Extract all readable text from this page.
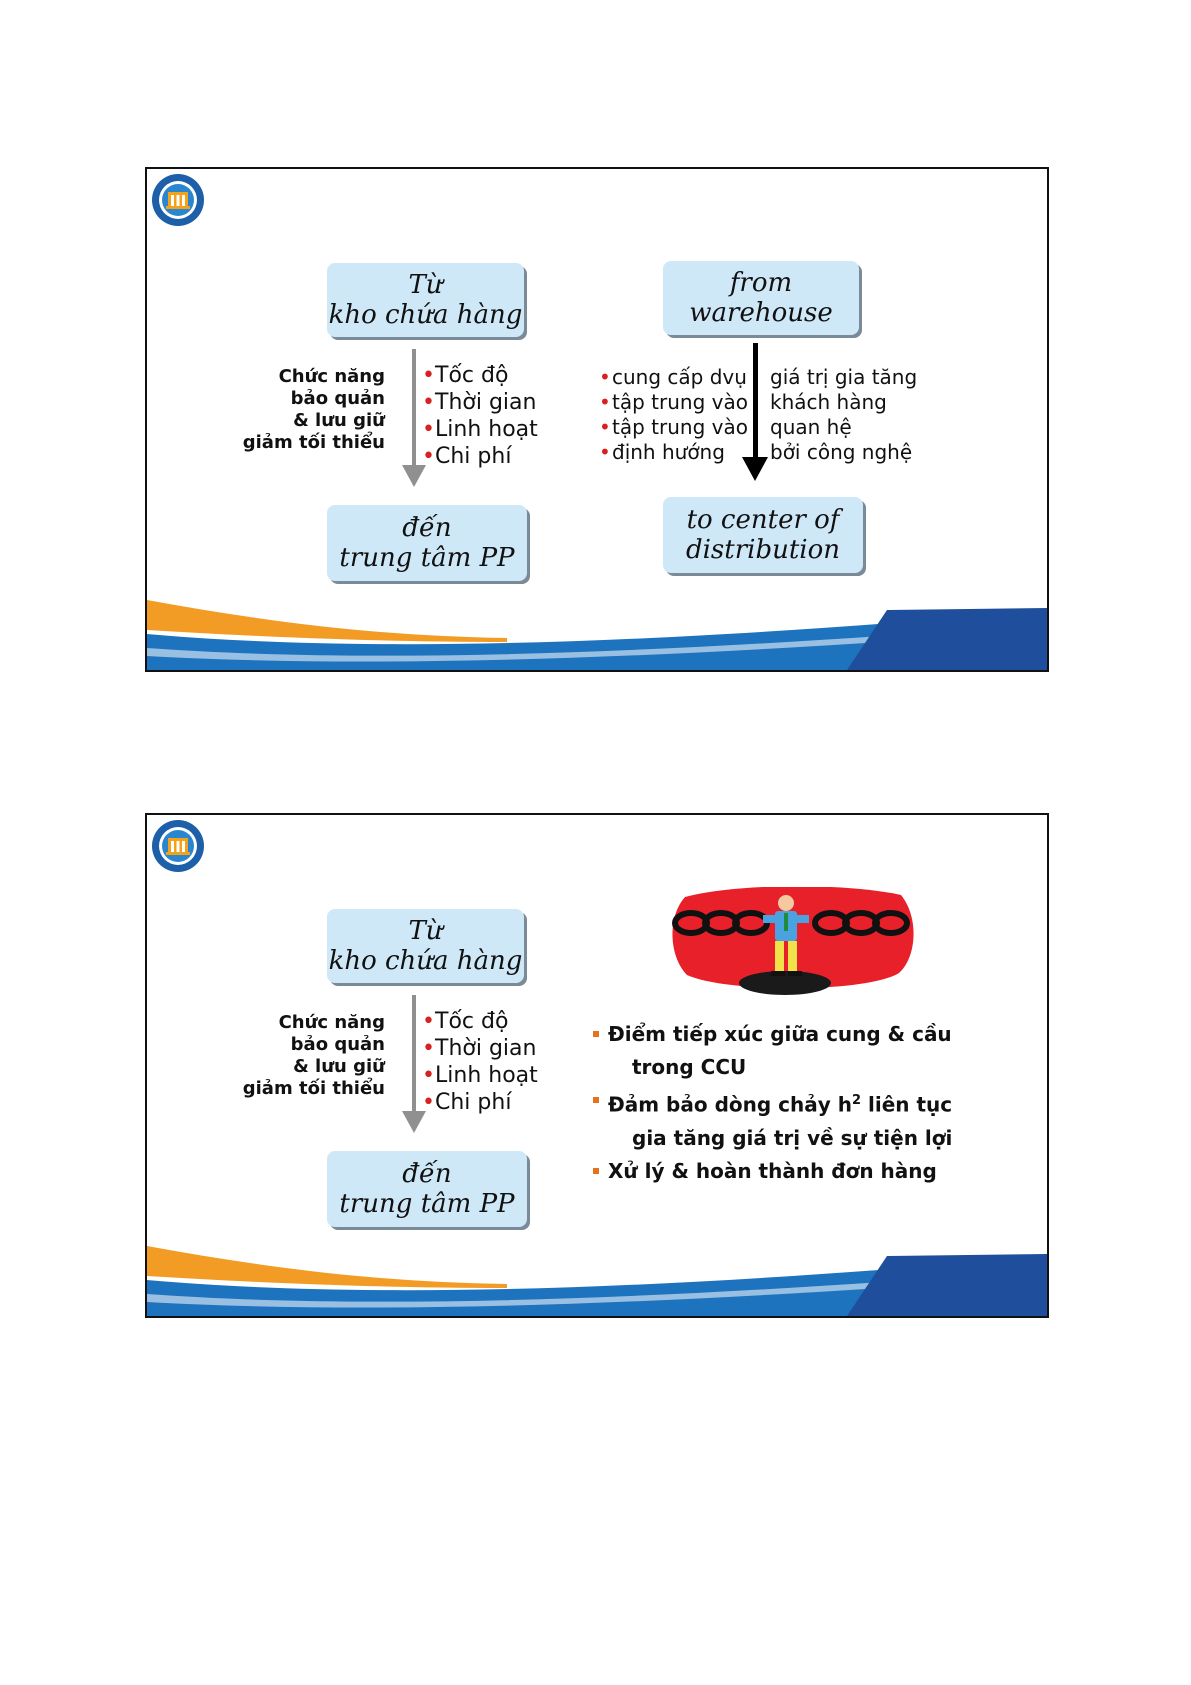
Từ
kho chứa hàng
Chức năng
bảo quản
& lưu giữ
giảm tối thiểu
• Tốc độ
• Thời gian
• Linh hoạt
• Chi phí
đến
trung tâm PP
from
warehouse
• cung cấp dvụ
• tập trung vào
• tập trung vào
• định hướng
giá trị gia tăng
khách hàng
quan hệ
bởi công nghệ
to center of
distribution
Từ
kho chứa hàng
Chức năng
bảo quản
& lưu giữ
giảm tối thiểu
• Tốc độ
• Thời gian
• Linh hoạt
• Chi phí
đến
trung tâm PP
Điểm tiếp xúc giữa cung & cầu
trong CCU
Đảm bảo dòng chảy $h^2$ liên tục
gia tăng giá trị về sự tiện lợi
Xử lý & hoàn thành đơn hàng
